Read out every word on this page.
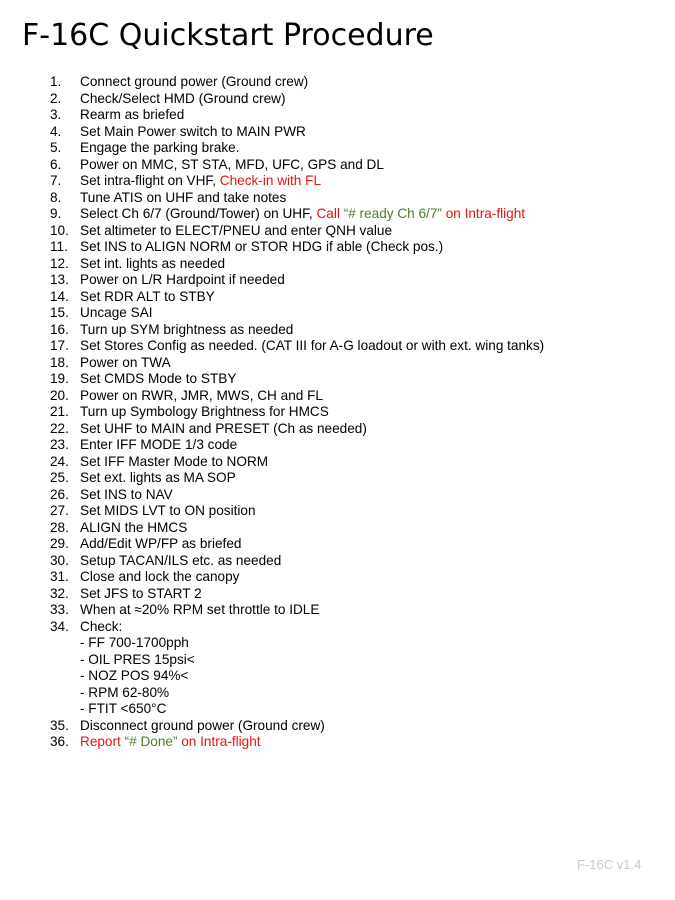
F-16C Quickstart Procedure
1. Connect ground power (Ground crew)
2. Check/Select HMD (Ground crew)
3. Rearm as briefed
4. Set Main Power switch to MAIN PWR
5. Engage the parking brake.
6. Power on MMC, ST STA, MFD, UFC, GPS and DL
7. Set intra-flight on VHF, Check-in with FL
8. Tune ATIS on UHF and take notes
9. Select Ch 6/7 (Ground/Tower) on UHF, Call “# ready Ch 6/7” on Intra-flight
10. Set altimeter to ELECT/PNEU and enter QNH value
11. Set INS to ALIGN NORM or STOR HDG if able (Check pos.)
12. Set int. lights as needed
13. Power on L/R Hardpoint if needed
14. Set RDR ALT to STBY
15. Uncage SAI
16. Turn up SYM brightness as needed
17. Set Stores Config as needed. (CAT III for A-G loadout or with ext. wing tanks)
18. Power on TWA
19. Set CMDS Mode to STBY
20. Power on RWR, JMR, MWS, CH and FL
21. Turn up Symbology Brightness for HMCS
22. Set UHF to MAIN and PRESET (Ch as needed)
23. Enter IFF MODE 1/3 code
24. Set IFF Master Mode to NORM
25. Set ext. lights as MA SOP
26. Set INS to NAV
27. Set MIDS LVT to ON position
28. ALIGN the HMCS
29. Add/Edit WP/FP as briefed
30. Setup TACAN/ILS etc. as needed
31. Close and lock the canopy
32. Set JFS to START 2
33. When at ≈20% RPM set throttle to IDLE
34. Check:
- FF 700-1700pph
- OIL PRES 15psi<
- NOZ POS 94%<
- RPM 62-80%
- FTIT <650°C
35. Disconnect ground power (Ground crew)
36. Report “# Done” on Intra-flight
F-16C v1.4
